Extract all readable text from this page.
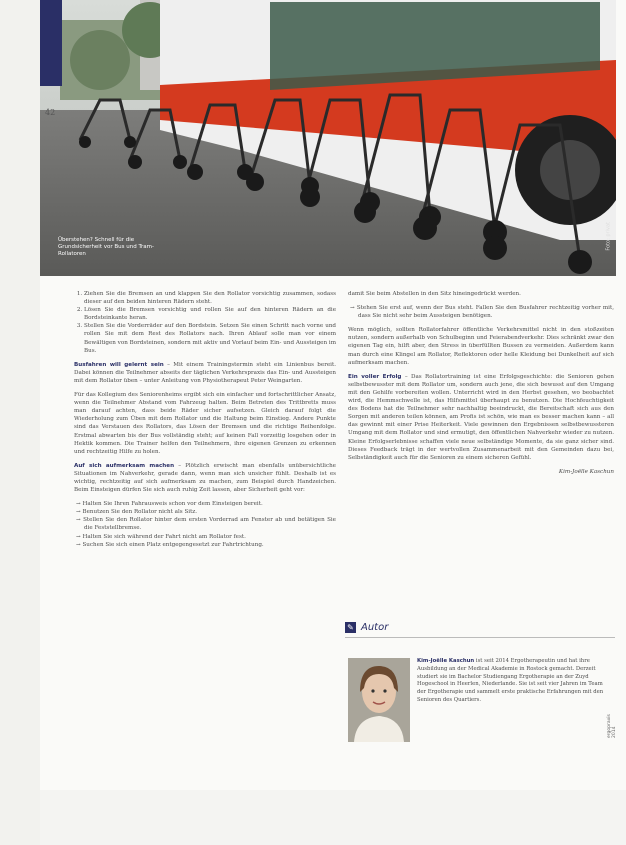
Foto: privat
42
Überstehen? Schnell für die Grundsicherheit vor Bus und Tram-Rollatoren
1. Ziehen Sie die Bremsen an und klappen Sie den Rollator vorsichtig zusammen, sodass dieser auf den beiden hinteren Rädern steht.
2. Lösen Sie die Bremsen vorsichtig und rollen Sie auf den hinteren Rädern an die Bordsteinkante heran.
3. Stellen Sie die Vorderräder auf den Bordstein. Setzen Sie einen Schritt nach vorne und rollen Sie mit dem Rest des Rollators nach. Ihren Ablauf solle man vor einem Bewältigen von Bordsteinen, sondern mit aktiv und Vorlauf beim Ein- und Aussteigen im Bus.

Busfahren will gelernt sein – Mit einem Trainingstermin steht ein Linienbus bereit. Dabei können die Teilnehmer abseits der täglichen Verkehrspraxis das Ein- und Aussteigen mit dem Rollator üben – unter Anleitung von Physiotherapeut Peter Weingarten.

Für das Kollegium des Seniorenheims ergibt sich ein einfacher und fortschrittlicher Ansatz, wenn die Teilnehmer Abstand vom Fahrzeug halten. Beim Betreten des Trittbretts muss man darauf achten, dass beide Räder sicher aufsetzen. Gleich darauf folgt die Wiederholung zum Üben mit dem Rollator und die Haltung beim Einstieg. Andere Punkte sind das Verstauen des Rollators, das Lösen der Bremsen und die richtige Reihenfolge. Erstmal abwarten bis der Bus vollständig steht; auf keinen Fall vorzeitig losgehen oder in Hektik kommen. Die Trainer helfen den Teilnehmern, ihre eigenen Grenzen zu erkennen und rechtzeitig Hilfe zu holen.

Auf sich aufmerksam machen – Plötzlich erwischt man ebenfalls unübersichtliche Situationen im Nahverkehr, gerade dann, wenn man sich unsicher fühlt. Deshalb ist es wichtig, rechtzeitig auf sich aufmerksam zu machen, zum Beispiel durch Handzeichen. Beim Einsteigen dürfen Sie sich auch ruhig Zeit lassen, aber Sicherheit geht vor:

→ Halten Sie Ihren Fahrausweis schon vor dem Einsteigen bereit.
→ Benutzen Sie den Rollator nicht als Sitz.
→ Stellen Sie den Rollator hinter dem ersten Vorderrad am Fenster ab und betätigen Sie die Feststellbremse.
→ Halten Sie sich während der Fahrt nicht am Rollator fest.
→ Suchen Sie sich einen Platz entgegengesetzt zur Fahrtrichtung.

damit Sie beim Abstellen in den Sitz hineingedrückt werden.

→ Stehen Sie erst auf, wenn der Bus steht. Fallen Sie den Busfahrer rechtzeitig vorher mit, dass Sie nicht sehr beim Aussteigen benötigen.

Wenn möglich, sollten Rollatorfahrer öffentliche Verkehrsmittel nicht in den stoßzeiten nutzen, sondern außerhalb von Schulbeginn und Feierabendverkehr. Dies schränkt zwar den eigenen Tag ein, hilft aber, den Stress in überfüllten Bussen zu vermeiden. Außerdem kann man durch eine Klingel am Rollator, Reflektoren oder helle Kleidung bei Dunkelheit auf sich aufmerksam machen.

Ein voller Erfolg – Das Rollatortraining ist eine Erfolgsgeschichte: die Senioren gehen selbstbewusster mit dem Rollator um, sondern auch jene, die sich bewusst auf den Umgang mit den Gehilfe vorbereiten wollen. Unterricht wird in den Herbst gesehen, wo beobachtet wird, die Hemmschwelle ist, das Hilfsmittel überhaupt zu benutzen. Die Hochfeuchtigkeit des Bodens hat die Teilnehmer sehr nachhaltig beeindruckt, die Bereitschaft sich aus den Sorgen mit anderen teilen können, am Profis ist schön, wie man es besser machen kann – all das gewinnt mit einer Prise Heiterkeit. Viele gewinnen den Ergebnissen selbstbewussteren Umgang mit dem Rollator und sind ermutigt, den öffentlichen Nahverkehr wieder zu nutzen. Kleine Erfolgserlebnisse schaffen viele neue selbständige Momente, da sie ganz sicher sind. Dieses Feedback trägt in der wertvollen Zusammenarbeit mit den Gemeinden dazu bei, Selbständigkeit auch für die Senioren zu einem sicheren Gefühl.

Kim-Joëlle Kaschun

✎ Autor
Kim-Joëlle Kaschun ist seit 2014 Ergotherapeutin und hat ihre Ausbildung an der Medical Akademie in Rostock gemacht. Derzeit studiert sie im Bachelor Studiengang Ergotherapie an der Zuyd Hogeschool in Heerlen, Niederlande. Sie ist seit vier Jahren im Team der Ergotherapie und sammelt erste praktische Erfahrungen mit den Senioren des Quartiers.
ergopraxis 2014
